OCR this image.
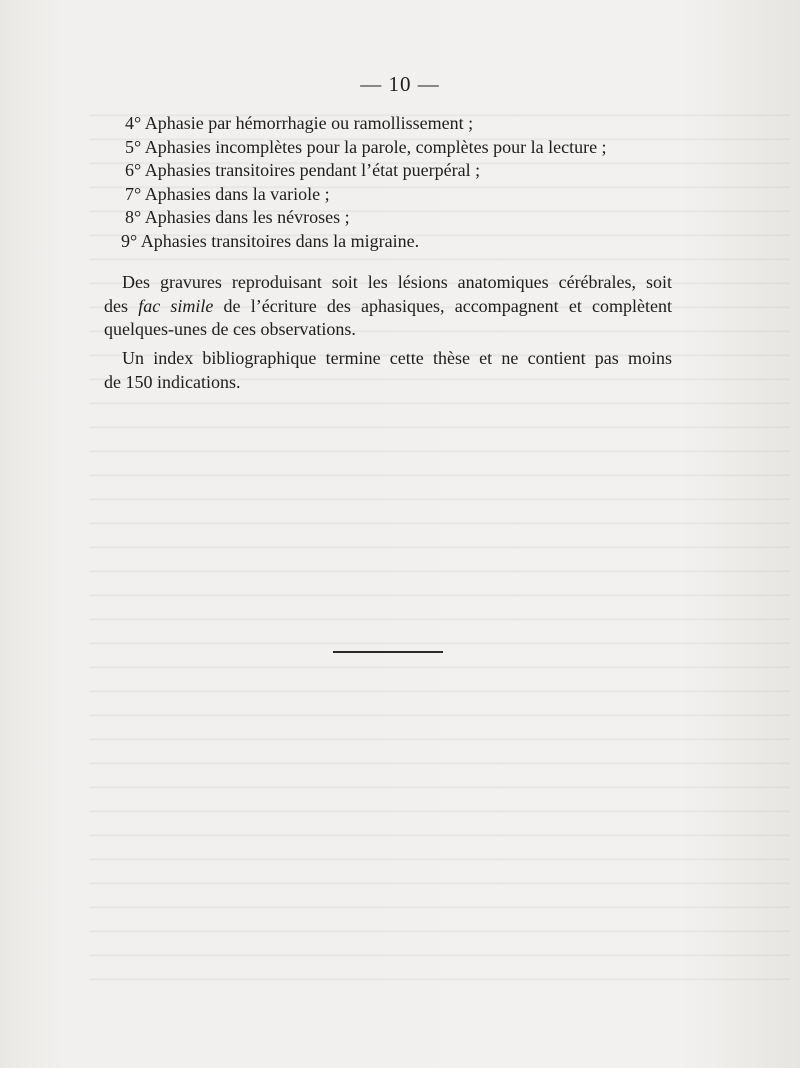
— 10 —
4° Aphasie par hémorrhagie ou ramollissement ;
5° Aphasies incomplètes pour la parole, complètes pour la lecture ;
6° Aphasies transitoires pendant l’état puerpéral ;
7° Aphasies dans la variole ;
8° Aphasies dans les névroses ;
9° Aphasies transitoires dans la migraine.
Des gravures reproduisant soit les lésions anatomiques cérébrales, soit
des fac simile de l’écriture des aphasiques, accompagnent et complètent
quelques-unes de ces observations.
Un index bibliographique termine cette thèse et ne contient pas moins
de 150 indications.
